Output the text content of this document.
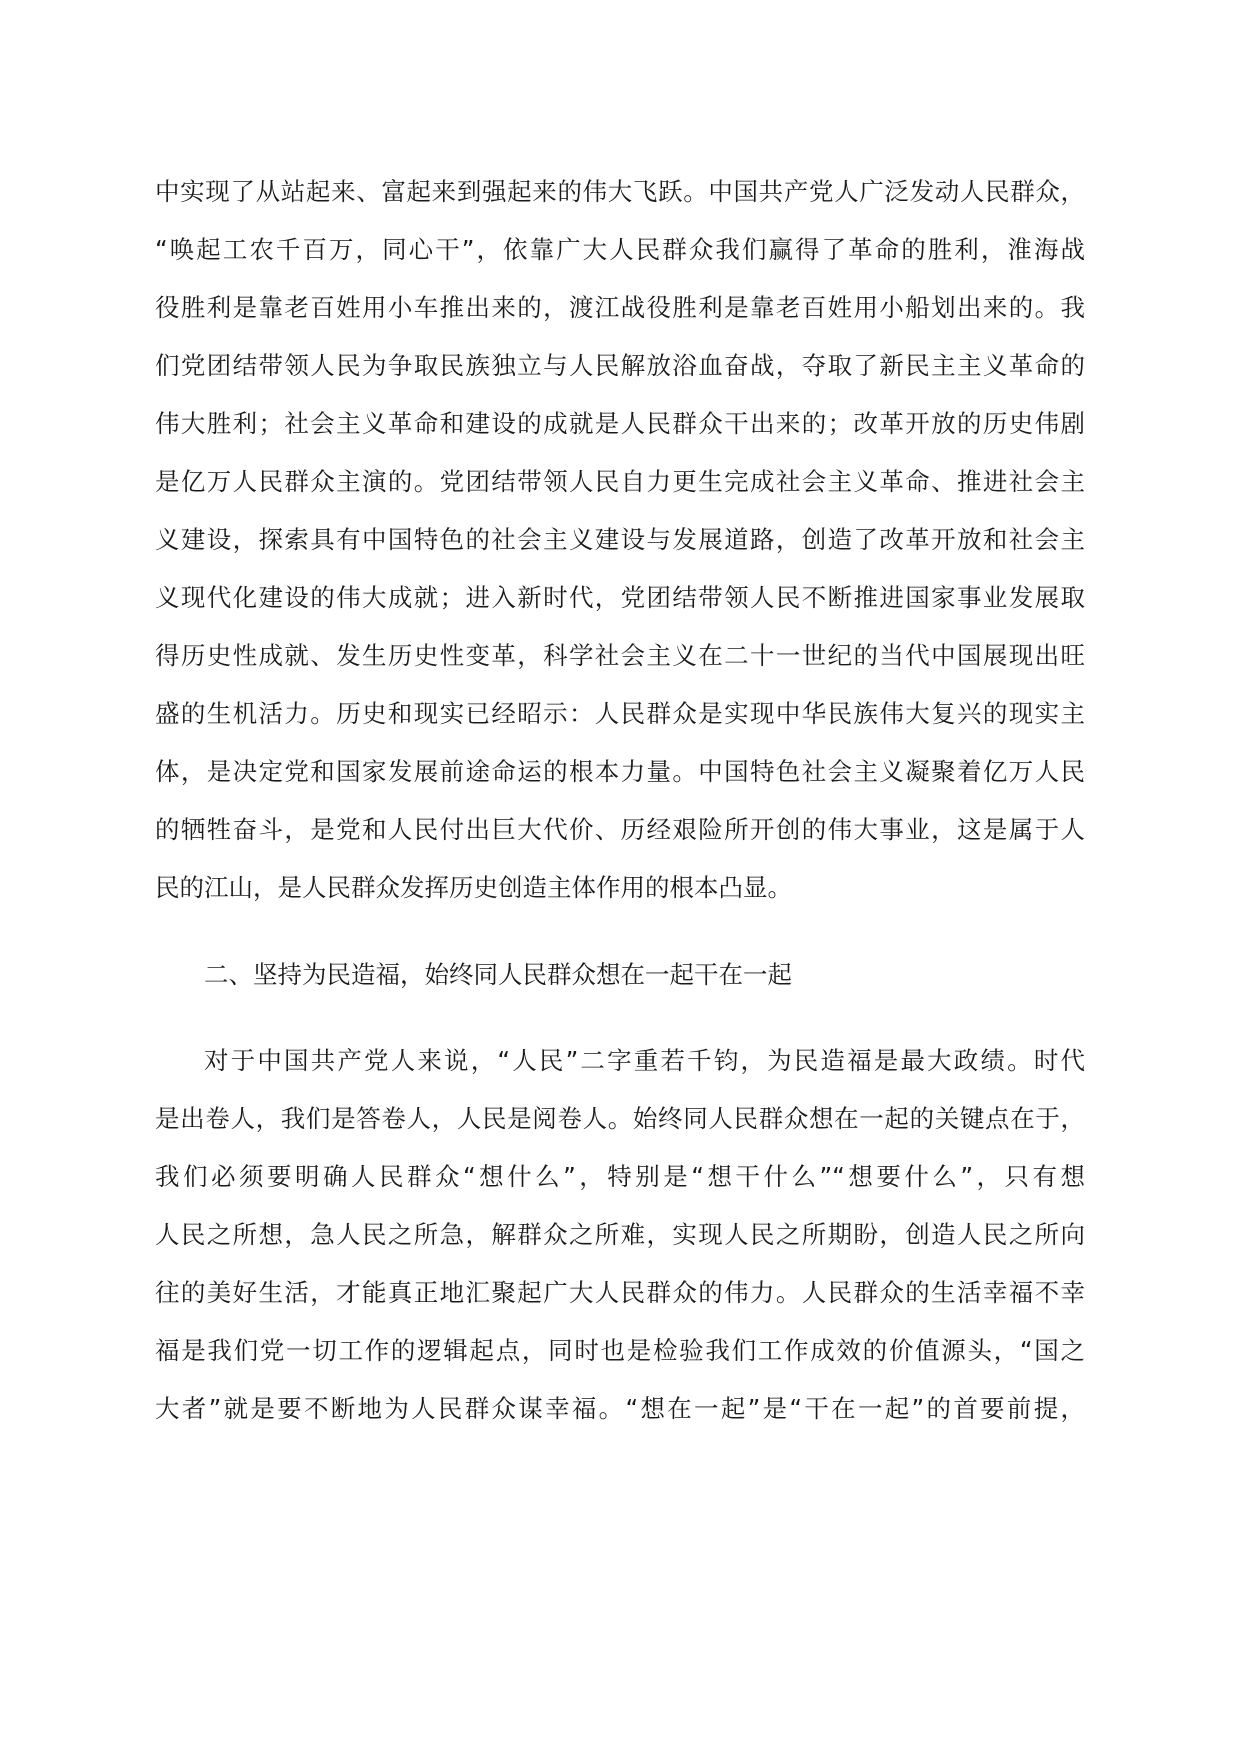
中实现了从站起来、富起来到强起来的伟大飞跃。中国共产党人广泛发动人民群众，
“唤起工农千百万，同心干”，依靠广大人民群众我们赢得了革命的胜利，淮海战
役胜利是靠老百姓用小车推出来的，渡江战役胜利是靠老百姓用小船划出来的。我
们党团结带领人民为争取民族独立与人民解放浴血奋战，夺取了新民主主义革命的
伟大胜利；社会主义革命和建设的成就是人民群众干出来的；改革开放的历史伟剧
是亿万人民群众主演的。党团结带领人民自力更生完成社会主义革命、推进社会主
义建设，探索具有中国特色的社会主义建设与发展道路，创造了改革开放和社会主
义现代化建设的伟大成就；进入新时代，党团结带领人民不断推进国家事业发展取
得历史性成就、发生历史性变革，科学社会主义在二十一世纪的当代中国展现出旺
盛的生机活力。历史和现实已经昭示：人民群众是实现中华民族伟大复兴的现实主
体，是决定党和国家发展前途命运的根本力量。中国特色社会主义凝聚着亿万人民
的牺牲奋斗，是党和人民付出巨大代价、历经艰险所开创的伟大事业，这是属于人
民的江山，是人民群众发挥历史创造主体作用的根本凸显。
二、坚持为民造福，始终同人民群众想在一起干在一起
对于中国共产党人来说，“人民”二字重若千钧，为民造福是最大政绩。时代
是出卷人，我们是答卷人，人民是阅卷人。始终同人民群众想在一起的关键点在于，
我们必须要明确人民群众“想什么”，特别是“想干什么”“想要什么”，只有想
人民之所想，急人民之所急，解群众之所难，实现人民之所期盼，创造人民之所向
往的美好生活，才能真正地汇聚起广大人民群众的伟力。人民群众的生活幸福不幸
福是我们党一切工作的逻辑起点，同时也是检验我们工作成效的价值源头，“国之
大者”就是要不断地为人民群众谋幸福。“想在一起”是“干在一起”的首要前提，
